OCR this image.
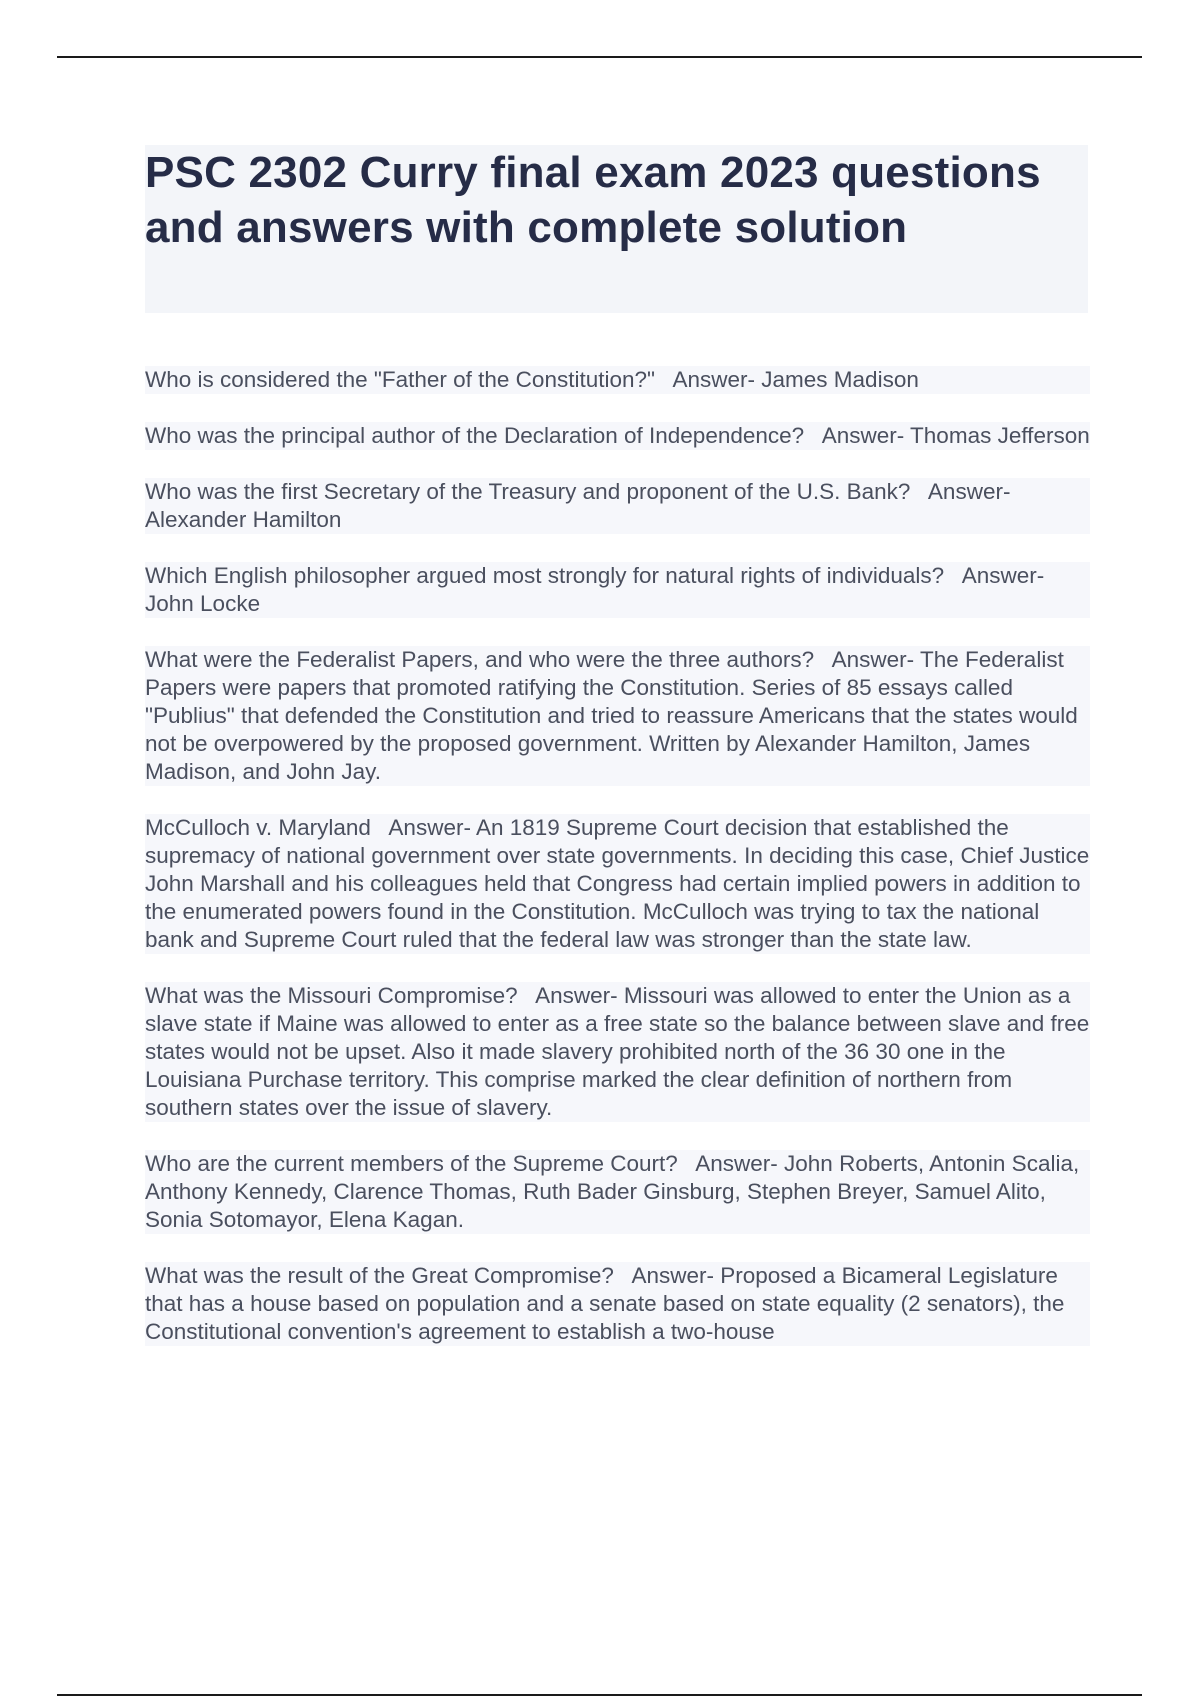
PSC 2302 Curry final exam 2023 questions and answers with complete solution

Who is considered the "Father of the Constitution?" Answer- James Madison

Who was the principal author of the Declaration of Independence? Answer- Thomas Jefferson

Who was the first Secretary of the Treasury and proponent of the U.S. Bank? Answer- Alexander Hamilton

Which English philosopher argued most strongly for natural rights of individuals? Answer- John Locke

What were the Federalist Papers, and who were the three authors? Answer- The Federalist Papers were papers that promoted ratifying the Constitution. Series of 85 essays called "Publius" that defended the Constitution and tried to reassure Americans that the states would not be overpowered by the proposed government. Written by Alexander Hamilton, James Madison, and John Jay.

McCulloch v. Maryland Answer- An 1819 Supreme Court decision that established the supremacy of national government over state governments. In deciding this case, Chief Justice John Marshall and his colleagues held that Congress had certain implied powers in addition to the enumerated powers found in the Constitution. McCulloch was trying to tax the national bank and Supreme Court ruled that the federal law was stronger than the state law.

What was the Missouri Compromise? Answer- Missouri was allowed to enter the Union as a slave state if Maine was allowed to enter as a free state so the balance between slave and free states would not be upset. Also it made slavery prohibited north of the 36 30 one in the Louisiana Purchase territory. This comprise marked the clear definition of northern from southern states over the issue of slavery.

Who are the current members of the Supreme Court? Answer- John Roberts, Antonin Scalia, Anthony Kennedy, Clarence Thomas, Ruth Bader Ginsburg, Stephen Breyer, Samuel Alito, Sonia Sotomayor, Elena Kagan.

What was the result of the Great Compromise? Answer- Proposed a Bicameral Legislature that has a house based on population and a senate based on state equality (2 senators), the Constitutional convention's agreement to establish a two-house
